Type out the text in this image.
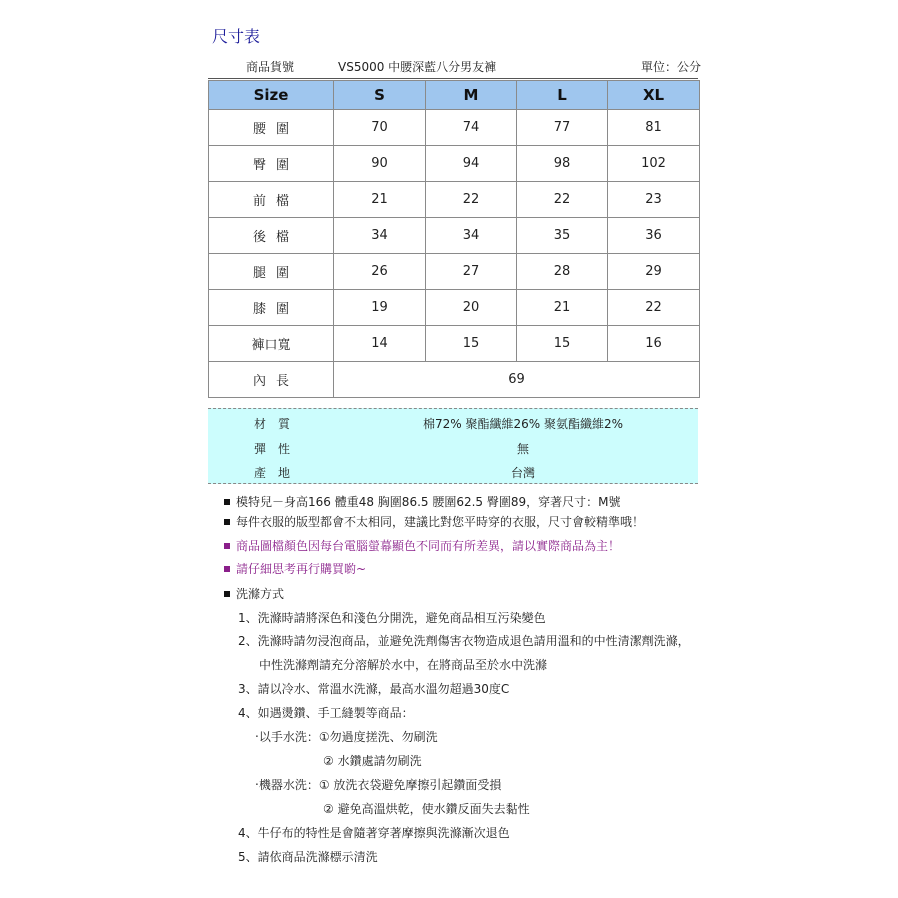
尺寸表
商品貨號	VS5000 中腰深藍八分男友褲	單位：公分
Size	S	M	L	XL
腰圍	70	74	77	81
臀圍	90	94	98	102
前檔	21	22	22	23
後檔	34	34	35	36
腿圍	26	27	28	29
膝圍	19	20	21	22
褲口寬	14	15	15	16
內長	69			
材質	棉72% 聚酯纖維26% 聚氨酯纖維2%
彈性	無
產地	台灣
模特兒－身高166 體重48 胸圍86.5 腰圍62.5 臀圍89，穿著尺寸：M號
每件衣服的版型都會不太相同，建議比對您平時穿的衣服，尺寸會較精準哦！
商品圖檔顏色因每台電腦螢幕顯色不同而有所差異，請以實際商品為主！
請仔細思考再行購買喲~
洗滌方式
1、洗滌時請將深色和淺色分開洗，避免商品相互污染變色
2、洗滌時請勿浸泡商品，並避免洗劑傷害衣物造成退色請用溫和的中性清潔劑洗滌，
中性洗滌劑請充分溶解於水中，在將商品至於水中洗滌
3、請以冷水、常溫水洗滌，最高水溫勿超過30度C
4、如遇燙鑽、手工縫製等商品：
‧以手水洗：①勿過度搓洗、勿刷洗
② 水鑽處請勿刷洗
‧機器水洗：① 放洗衣袋避免摩擦引起鑽面受損
② 避免高溫烘乾，使水鑽反面失去黏性
4、牛仔布的特性是會隨著穿著摩擦與洗滌漸次退色
5、請依商品洗滌標示清洗
